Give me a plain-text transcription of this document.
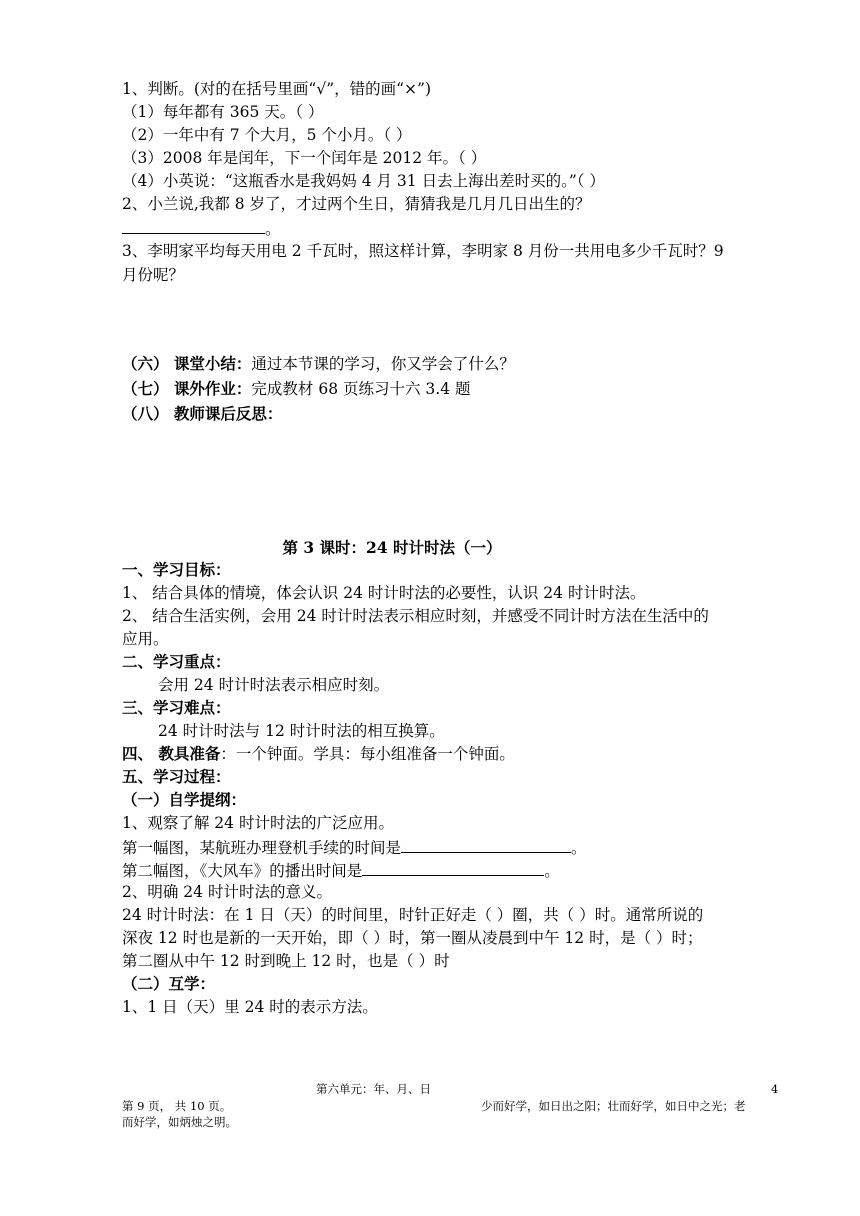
1、判断。(对的在括号里画“√”，错的画“×”)
（1）每年都有 365 天。（ ）
（2）一年中有 7 个大月，5 个小月。（ ）
（3）2008 年是闰年，下一个闰年是 2012 年。（ ）
（4）小英说：“这瓶香水是我妈妈 4 月 31 日去上海出差时买的。”（ ）
2、小兰说,我都 8 岁了，才过两个生日，猜猜我是几月几日出生的？
。
3、李明家平均每天用电 2 千瓦时，照这样计算，李明家 8 月份一共用电多少千瓦时？9
月份呢？
（六） 课堂小结：通过本节课的学习，你又学会了什么？
（七） 课外作业：完成教材 68 页练习十六 3.4 题
（八） 教师课后反思：
第 3 课时：24 时计时法（一）
一、学习目标：
1、 结合具体的情境，体会认识 24 时计时法的必要性，认识 24 时计时法。
2、 结合生活实例，会用 24 时计时法表示相应时刻，并感受不同计时方法在生活中的
应用。
二、学习重点：
会用 24 时计时法表示相应时刻。
三、学习难点：
24 时计时法与 12 时计时法的相互换算。
四、 教具准备：一个钟面。学具：每小组准备一个钟面。
五、学习过程：
（一）自学提纲：
1、观察了解 24 时计时法的广泛应用。
第一幅图，某航班办理登机手续的时间是	。
第二幅图，《大风车》的播出时间是	。
2、明确 24 时计时法的意义。
24 时计时法：在 1 日（天）的时间里，时针正好走（ ）圈，共（ ）时。通常所说的
深夜 12 时也是新的一天开始，即（ ）时，第一圈从凌晨到中午 12 时，是（ ）时；
第二圈从中午 12 时到晚上 12 时，也是（ ）时
（二）互学：
1、1 日（天）里 24 时的表示方法。
第六单元：年、月、日	4
第 9 页， 共 10 页。	少而好学，如日出之阳；壮而好学，如日中之光；老
而好学，如炳烛之明。
